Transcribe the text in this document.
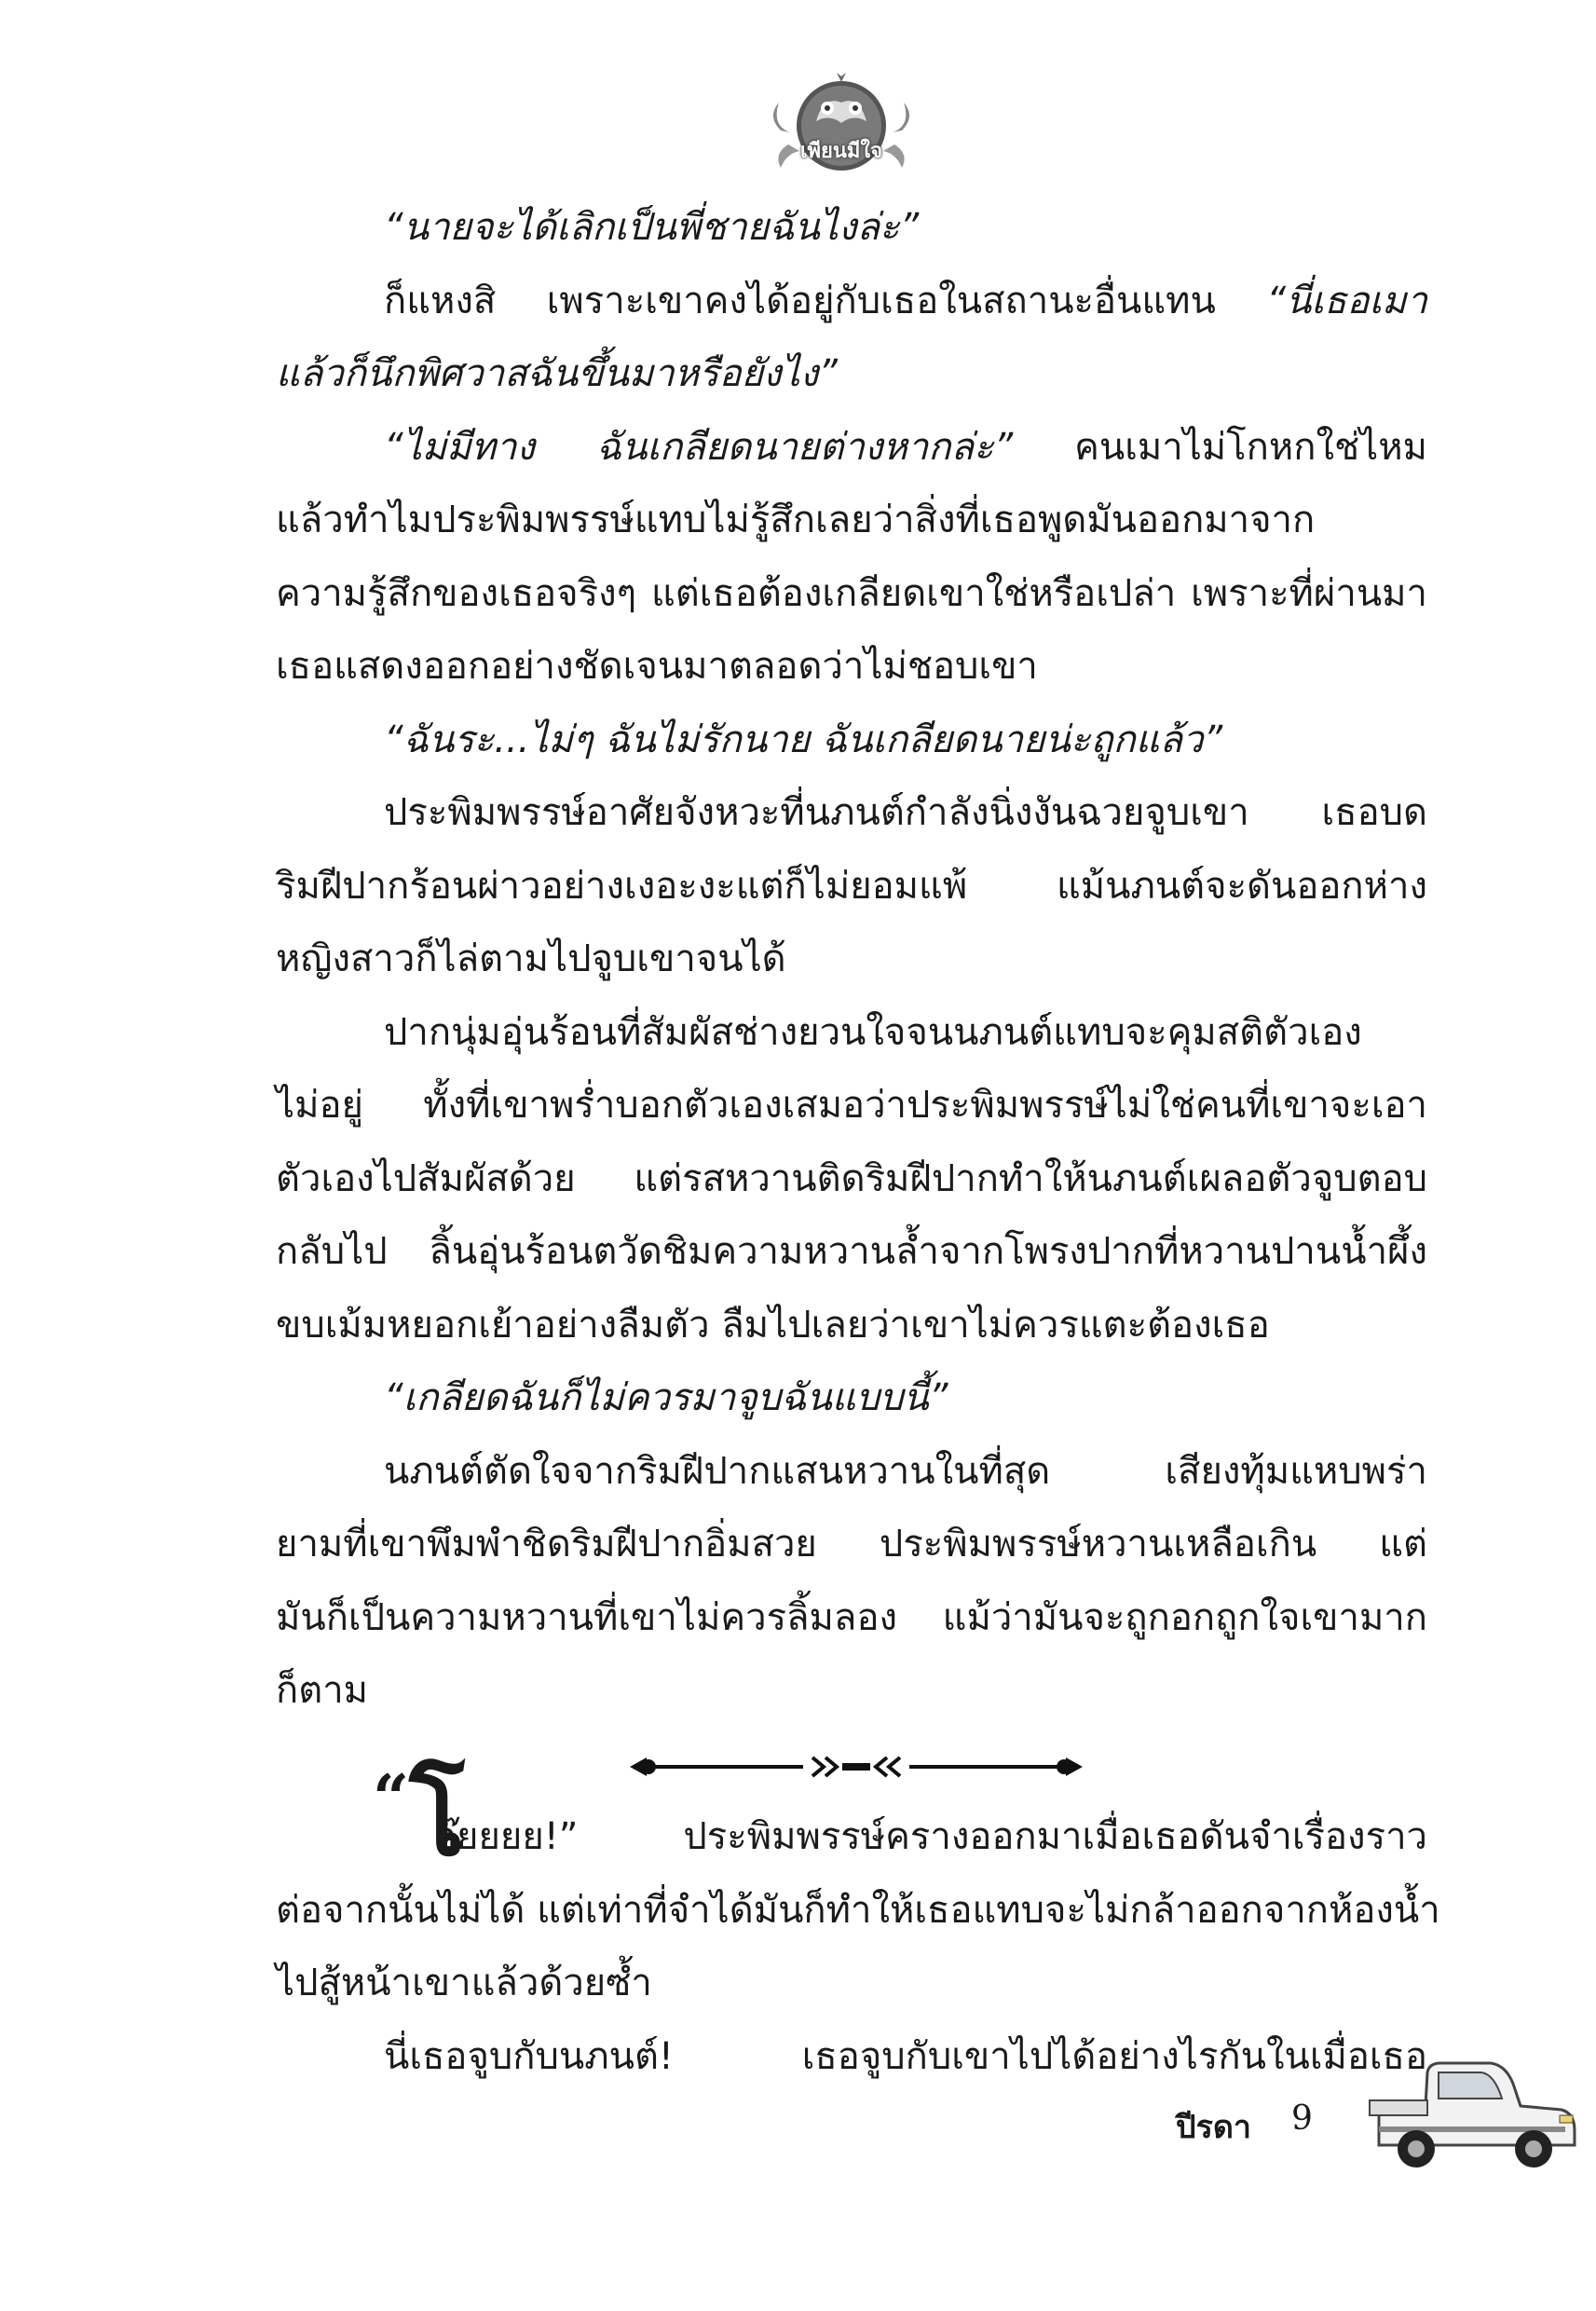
เพียนมีใจ
“นายจะได้เลิกเป็นพี่ชายฉันไงล่ะ”
ก็แหงสิ เพราะเขาคงได้อยู่กับเธอในสถานะอื่นแทน “นี่เธอเมา
แล้วก็นึกพิศวาสฉันขึ้นมาหรือยังไง”
“ไม่มีทาง ฉันเกลียดนายต่างหากล่ะ” คนเมาไม่โกหกใช่ไหม
แล้วทำไมประพิมพรรษ์แทบไม่รู้สึกเลยว่าสิ่งที่เธอพูดมันออกมาจาก
ความรู้สึกของเธอจริงๆ แต่เธอต้องเกลียดเขาใช่หรือเปล่า เพราะที่ผ่านมา
เธอแสดงออกอย่างชัดเจนมาตลอดว่าไม่ชอบเขา
“ฉันระ...ไม่ๆ ฉันไม่รักนาย ฉันเกลียดนายน่ะถูกแล้ว”
ประพิมพรรษ์อาศัยจังหวะที่นภนต์กำลังนิ่งงันฉวยจูบเขา เธอบด
ริมฝีปากร้อนผ่าวอย่างเงอะงะแต่ก็ไม่ยอมแพ้ แม้นภนต์จะดันออกห่าง
หญิงสาวก็ไล่ตามไปจูบเขาจนได้
ปากนุ่มอุ่นร้อนที่สัมผัสช่างยวนใจจนนภนต์แทบจะคุมสติตัวเอง
ไม่อยู่ ทั้งที่เขาพร่ำบอกตัวเองเสมอว่าประพิมพรรษ์ไม่ใช่คนที่เขาจะเอา
ตัวเองไปสัมผัสด้วย แต่รสหวานติดริมฝีปากทำให้นภนต์เผลอตัวจูบตอบ
กลับไป ลิ้นอุ่นร้อนตวัดชิมความหวานล้ำจากโพรงปากที่หวานปานน้ำผึ้ง
ขบเม้มหยอกเย้าอย่างลืมตัว ลืมไปเลยว่าเขาไม่ควรแตะต้องเธอ
“เกลียดฉันก็ไม่ควรมาจูบฉันแบบนี้”
นภนต์ตัดใจจากริมฝีปากแสนหวานในที่สุด เสียงทุ้มแหบพร่า
ยามที่เขาพึมพำชิดริมฝีปากอิ่มสวย ประพิมพรรษ์หวานเหลือเกิน แต่
มันก็เป็นความหวานที่เขาไม่ควรลิ้มลอง แม้ว่ามันจะถูกอกถูกใจเขามาก
ก็ตาม
อ๊ยยยย!” ประพิมพรรษ์ครางออกมาเมื่อเธอดันจำเรื่องราว
ต่อจากนั้นไม่ได้ แต่เท่าที่จำได้มันก็ทำให้เธอแทบจะไม่กล้าออกจากห้องน้ำ
ไปสู้หน้าเขาแล้วด้วยซ้ำ
นี่เธอจูบกับนภนต์! เธอจูบกับเขาไปได้อย่างไรกันในเมื่อเธอ
“โ
ปีรดา 9
